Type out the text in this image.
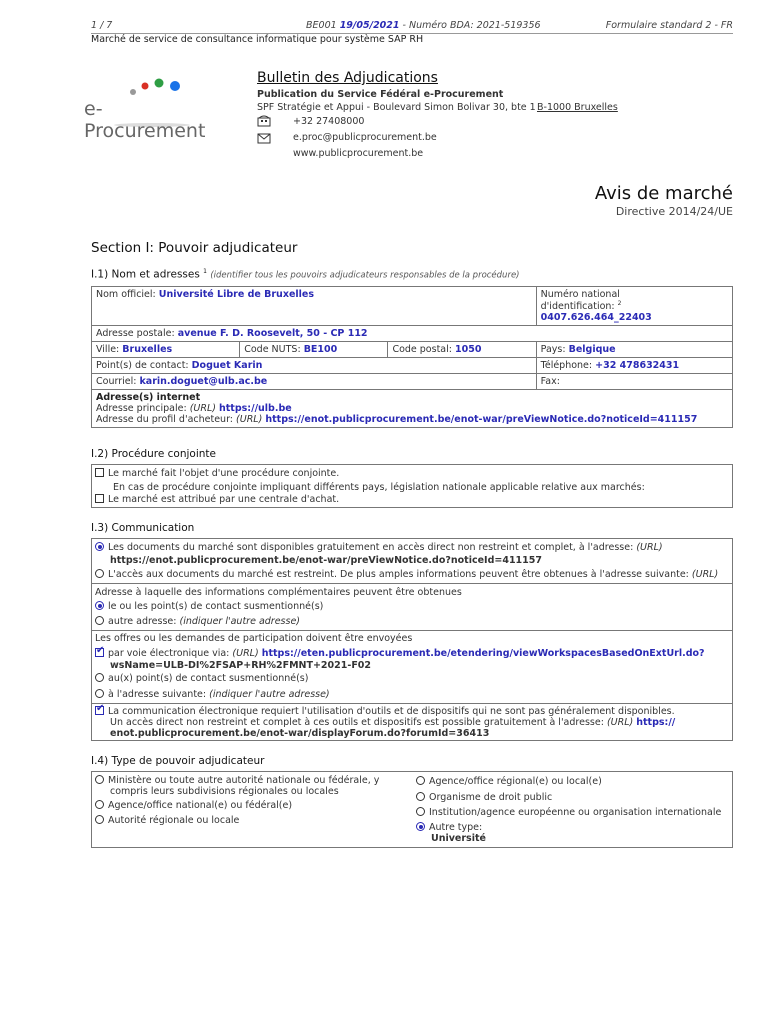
1 / 7	BE001 19/05/2021 - Numéro BDA: 2021-519356	Formulaire standard 2 - FR
Marché de service de consultance informatique pour système SAP RH
e-Procurement
Bulletin des Adjudications
Publication du Service Fédéral e-Procurement
SPF Stratégie et Appui - Boulevard Simon Bolivar 30, bte 1 B-1000 Bruxelles
+32 27408000
e.proc@publicprocurement.be
www.publicprocurement.be
Avis de marché
Directive 2014/24/UE
Section I: Pouvoir adjudicateur
I.1) Nom et adresses $^1$ (identifier tous les pouvoirs adjudicateurs responsables de la procédure)
Nom officiel: Université Libre de Bruxelles			Numéro national
d'identification: $^2$ 0407.626.464_22403
Adresse postale: avenue F. D. Roosevelt, 50 - CP 112			
Ville: Bruxelles	Code NUTS: BE100	Code postal: 1050	Pays: Belgique
Point(s) de contact: Doguet Karin			Téléphone: +32 478632431
Courriel: karin.doguet@ulb.ac.be			Fax:

Adresse(s) internet
Adresse principale: (URL) https://ulb.be
Adresse du profil d'acheteur: (URL) https://enot.publicprocurement.be/enot-war/preViewNotice.do?noticeId=411157			
I.2) Procédure conjointe
Le marché fait l'objet d'une procédure conjointe.
En cas de procédure conjointe impliquant différents pays, législation nationale applicable relative aux marchés:
Le marché est attribué par une centrale d'achat.
I.3) Communication
Les documents du marché sont disponibles gratuitement en accès direct non restreint et complet, à l'adresse: (URL)
https://enot.publicprocurement.be/enot-war/preViewNotice.do?noticeId=411157
L'accès aux documents du marché est restreint. De plus amples informations peuvent être obtenues à l'adresse suivante: (URL)
Adresse à laquelle des informations complémentaires peuvent être obtenues
le ou les point(s) de contact susmentionné(s)
autre adresse: (indiquer l'autre adresse)
Les offres ou les demandes de participation doivent être envoyées
✔par voie électronique via: (URL) https://eten.publicprocurement.be/etendering/viewWorkspacesBasedOnExtUrl.do?
wsName=ULB-DI%2FSAP+RH%2FMNT+2021-F02
au(x) point(s) de contact susmentionné(s)
à l'adresse suivante: (indiquer l'autre adresse)
✔La communication électronique requiert l'utilisation d'outils et de dispositifs qui ne sont pas généralement disponibles.
Un accès direct non restreint et complet à ces outils et dispositifs est possible gratuitement à l'adresse: (URL) https://
enot.publicprocurement.be/enot-war/displayForum.do?forumId=36413
I.4) Type de pouvoir adjudicateur
Ministère ou toute autre autorité nationale ou fédérale, y
compris leurs subdivisions régionales ou locales
Agence/office national(e) ou fédéral(e)
Autorité régionale ou locale
Agence/office régional(e) ou local(e)
Organisme de droit public
Institution/agence européenne ou organisation internationale
Autre type:
Université
